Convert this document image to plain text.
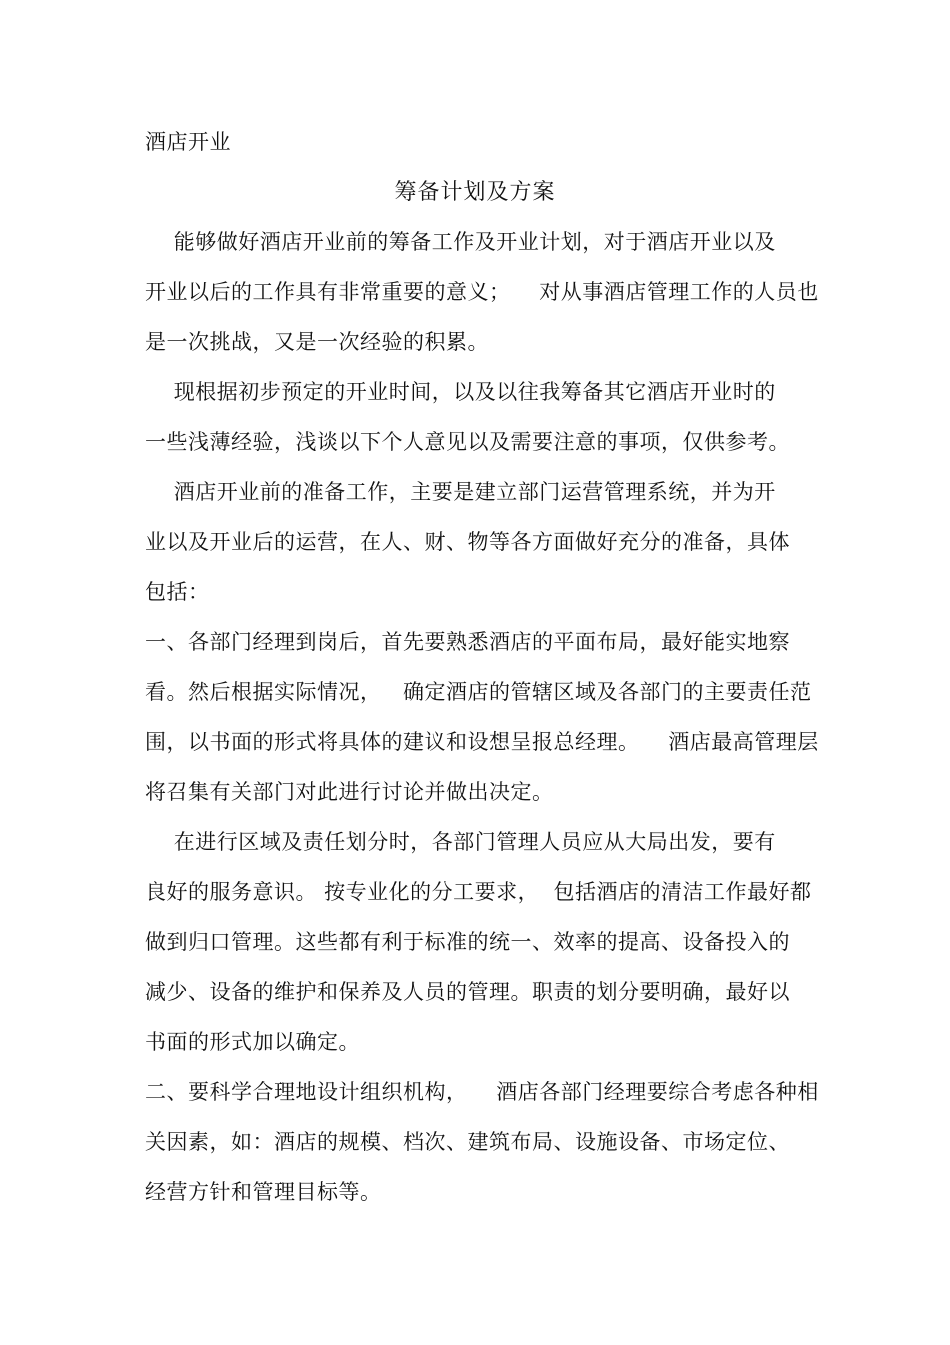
酒店开业
筹备计划及方案
能够做好酒店开业前的筹备工作及开业计划，对于酒店开业以及
开业以后的工作具有非常重要的意义；    对从事酒店管理工作的人员也
是一次挑战，又是一次经验的积累。
现根据初步预定的开业时间，以及以往我筹备其它酒店开业时的
一些浅薄经验，浅谈以下个人意见以及需要注意的事项，仅供参考。
酒店开业前的准备工作，主要是建立部门运营管理系统，并为开
业以及开业后的运营，在人、财、物等各方面做好充分的准备，具体
包括：
一、各部门经理到岗后，首先要熟悉酒店的平面布局，最好能实地察
看。然后根据实际情况，   确定酒店的管辖区域及各部门的主要责任范
围，以书面的形式将具体的建议和设想呈报总经理。    酒店最高管理层
将召集有关部门对此进行讨论并做出决定。
在进行区域及责任划分时，各部门管理人员应从大局出发，要有
良好的服务意识。 按专业化的分工要求，  包括酒店的清洁工作最好都
做到归口管理。这些都有利于标准的统一、效率的提高、设备投入的
减少、设备的维护和保养及人员的管理。职责的划分要明确，最好以
书面的形式加以确定。
二、要科学合理地设计组织机构，    酒店各部门经理要综合考虑各种相
关因素，如：酒店的规模、档次、建筑布局、设施设备、市场定位、
经营方针和管理目标等。
